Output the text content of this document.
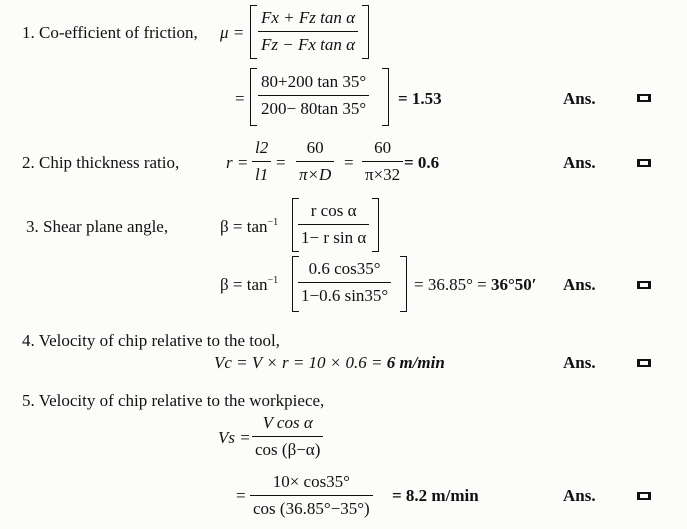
1. Co-efficient of friction, $\mu = \frac{\text{Fx + Fz tan α}}{\text{Fz − Fx tan α}}$
= $\frac{80+200 \tan 35^\circ}{200- 80\tan 35^\circ} = 1.53$	Ans.
2. Chip thickness ratio,	$r = \frac{l2}{l1} = \frac{60}{\pi\times D} = \frac{60}{\pi\times 32} = 0.6$	Ans.
3. Shear plane angle,	$\beta = \tan^{-1} \frac{\text{r cos α}}{\text{1− r sin α}}$
$\beta = \tan^{-1} \frac{0.6 \cos 35^\circ}{1-0.6 \sin 35^\circ} = 36.85^\circ = 36^\circ 50'$ Ans.
4. Velocity of chip relative to the tool,
Vc = V × r = 10 × 0.6 = 6 m/min	Ans.
5. Velocity of chip relative to the workpiece,
$Vs = \frac{\text{V cos α}}{\cos (\beta-\alpha)}$
= $\frac{10\times \cos 35^\circ}{\cos (36.85^\circ-35^\circ)} = 8.2$ m/min	Ans.
